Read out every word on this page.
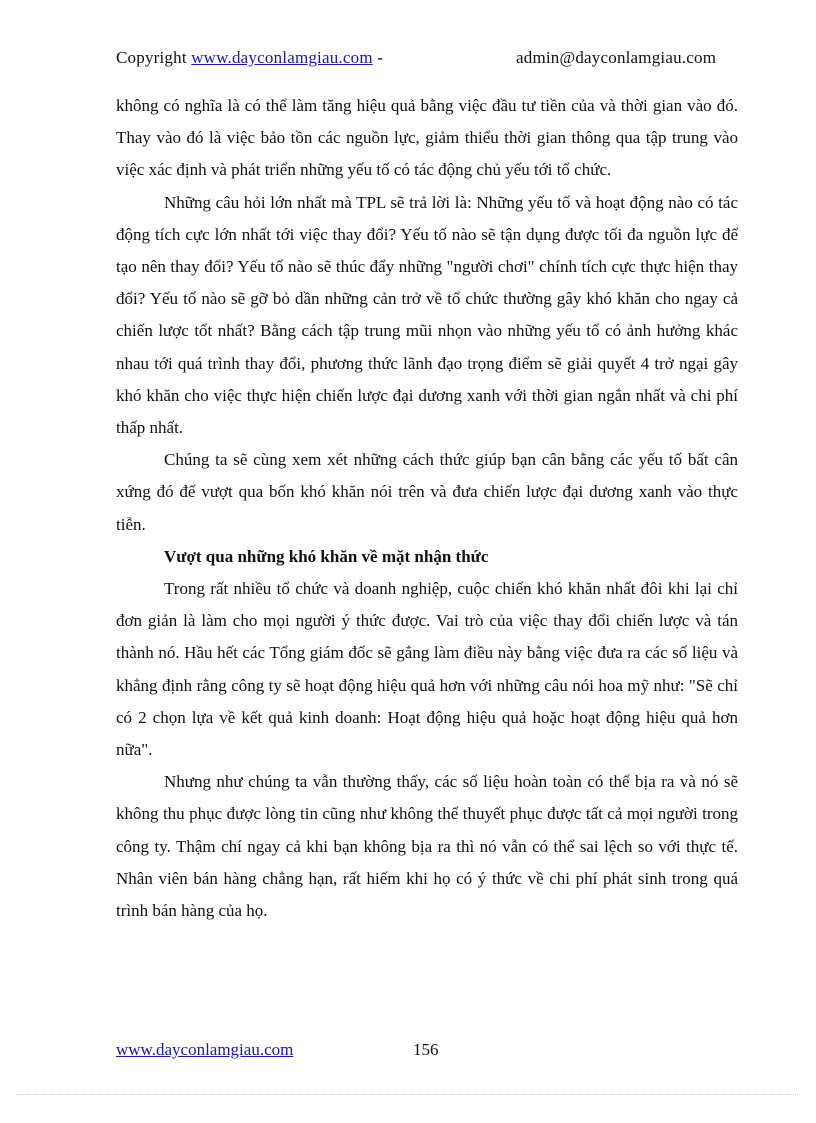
Copyright www.dayconlamgiau.com -	admin@dayconlamgiau.com

không có nghĩa là có thể làm tăng hiệu quả bằng việc đầu tư tiền của và thời gian vào đó. Thay vào đó là việc bảo tồn các nguồn lực, giảm thiểu thời gian thông qua tập trung vào việc xác định và phát triển những yếu tố có tác động chủ yếu tới tổ chức.

Những câu hỏi lớn nhất mà TPL sẽ trả lời là: Những yếu tố và hoạt động nào có tác động tích cực lớn nhất tới việc thay đổi? Yếu tố nào sẽ tận dụng được tối đa nguồn lực để tạo nên thay đổi? Yếu tố nào sẽ thúc đẩy những "người chơi" chính tích cực thực hiện thay đổi? Yếu tố nào sẽ gỡ bỏ dần những cản trở về tổ chức thường gây khó khăn cho ngay cả chiến lược tốt nhất? Bằng cách tập trung mũi nhọn vào những yếu tố có ảnh hưởng khác nhau tới quá trình thay đổi, phương thức lãnh đạo trọng điểm sẽ giải quyết 4 trở ngại gây khó khăn cho việc thực hiện chiến lược đại dương xanh với thời gian ngắn nhất và chi phí thấp nhất.

Chúng ta sẽ cùng xem xét những cách thức giúp bạn cân bằng các yếu tố bất cân xứng đó để vượt qua bốn khó khăn nói trên và đưa chiến lược đại dương xanh vào thực tiễn.

Vượt qua những khó khăn về mặt nhận thức

Trong rất nhiều tổ chức và doanh nghiệp, cuộc chiến khó khăn nhất đôi khi lại chỉ đơn giản là làm cho mọi người ý thức được. Vai trò của việc thay đổi chiến lược và tán thành nó. Hầu hết các Tổng giám đốc sẽ gắng làm điều này bằng việc đưa ra các số liệu và khẳng định rằng công ty sẽ hoạt động hiệu quả hơn với những câu nói hoa mỹ như: "Sẽ chỉ có 2 chọn lựa về kết quả kinh doanh: Hoạt động hiệu quả hoặc hoạt động hiệu quả hơn nữa".

Nhưng như chúng ta vẫn thường thấy, các số liệu hoàn toàn có thể bịa ra và nó sẽ không thu phục được lòng tin cũng như không thể thuyết phục được tất cả mọi người trong công ty. Thậm chí ngay cả khi bạn không bịa ra thì nó vẫn có thể sai lệch so với thực tế. Nhân viên bán hàng chẳng hạn, rất hiếm khi họ có ý thức về chi phí phát sinh trong quá trình bán hàng của họ.

www.dayconlamgiau.com	156
